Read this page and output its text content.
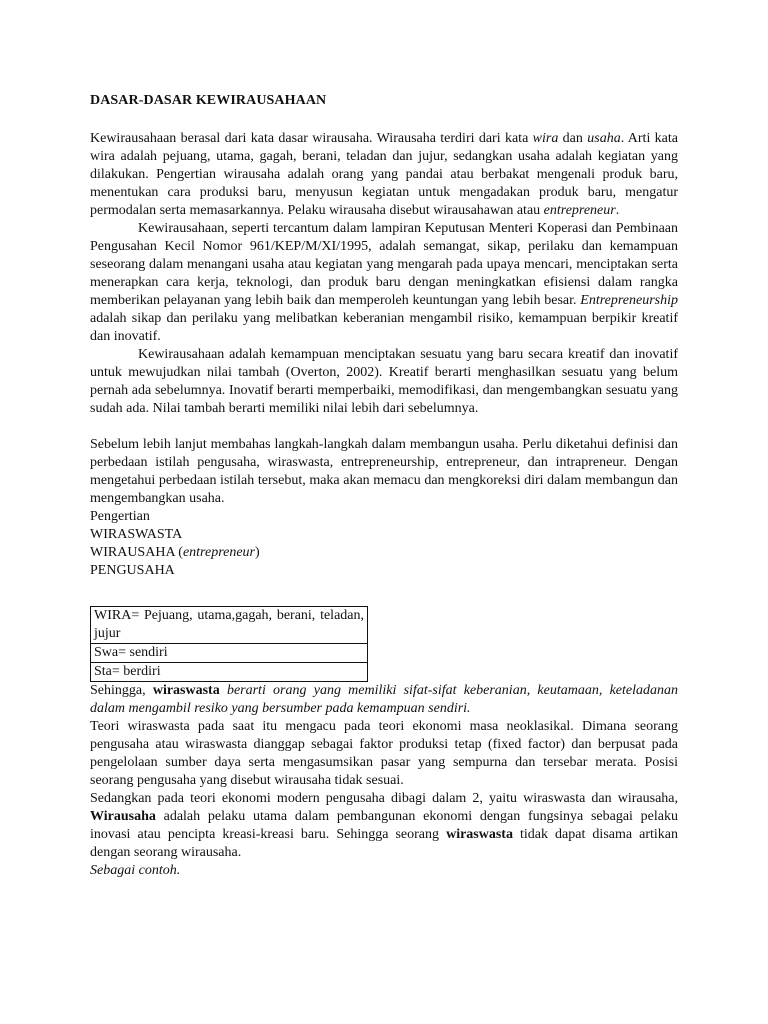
DASAR-DASAR KEWIRAUSAHAAN

Kewirausahaan berasal dari kata dasar wirausaha. Wirausaha terdiri dari kata wira dan usaha. Arti kata wira adalah pejuang, utama, gagah, berani, teladan dan jujur, sedangkan usaha adalah kegiatan yang dilakukan. Pengertian wirausaha adalah orang yang pandai atau berbakat mengenali produk baru, menentukan cara produksi baru, menyusun kegiatan untuk mengadakan produk baru, mengatur permodalan serta memasarkannya. Pelaku wirausaha disebut wirausahawan atau entrepreneur.

Kewirausahaan, seperti tercantum dalam lampiran Keputusan Menteri Koperasi dan Pembinaan Pengusahan Kecil Nomor 961/KEP/M/XI/1995, adalah semangat, sikap, perilaku dan kemampuan seseorang dalam menangani usaha atau kegiatan yang mengarah pada upaya mencari, menciptakan serta menerapkan cara kerja, teknologi, dan produk baru dengan meningkatkan efisiensi dalam rangka memberikan pelayanan yang lebih baik dan memperoleh keuntungan yang lebih besar. Entrepreneurship adalah sikap dan perilaku yang melibatkan keberanian mengambil risiko, kemampuan berpikir kreatif dan inovatif.

Kewirausahaan adalah kemampuan menciptakan sesuatu yang baru secara kreatif dan inovatif untuk mewujudkan nilai tambah (Overton, 2002). Kreatif berarti menghasilkan sesuatu yang belum pernah ada sebelumnya. Inovatif berarti memperbaiki, memodifikasi, dan mengembangkan sesuatu yang sudah ada. Nilai tambah berarti memiliki nilai lebih dari sebelumnya.

Sebelum lebih lanjut membahas langkah-langkah dalam membangun usaha. Perlu diketahui definisi dan perbedaan istilah pengusaha, wiraswasta, entrepreneurship, entrepreneur, dan intrapreneur. Dengan mengetahui perbedaan istilah tersebut, maka akan memacu dan mengkoreksi diri dalam membangun dan mengembangkan usaha.

Pengertian
WIRASWASTA
WIRAUSAHA (entrepreneur)
PENGUSAHA
WIRA= Pejuang, utama,gagah, berani, teladan, jujur
Swa= sendiri
Sta= berdiri

Sehingga, wiraswasta berarti orang yang memiliki sifat-sifat keberanian, keutamaan, keteladanan dalam mengambil resiko yang bersumber pada kemampuan sendiri.

Teori wiraswasta pada saat itu mengacu pada teori ekonomi masa neoklasikal. Dimana seorang pengusaha atau wiraswasta dianggap sebagai faktor produksi tetap (fixed factor) dan berpusat pada pengelolaan sumber daya serta mengasumsikan pasar yang sempurna dan tersebar merata. Posisi seorang pengusaha yang disebut wirausaha tidak sesuai.

Sedangkan pada teori ekonomi modern pengusaha dibagi dalam 2, yaitu wiraswasta dan wirausaha, Wirausaha adalah pelaku utama dalam pembangunan ekonomi dengan fungsinya sebagai pelaku inovasi atau pencipta kreasi-kreasi baru. Sehingga seorang wiraswasta tidak dapat disama artikan dengan seorang wirausaha.

Sebagai contoh.
